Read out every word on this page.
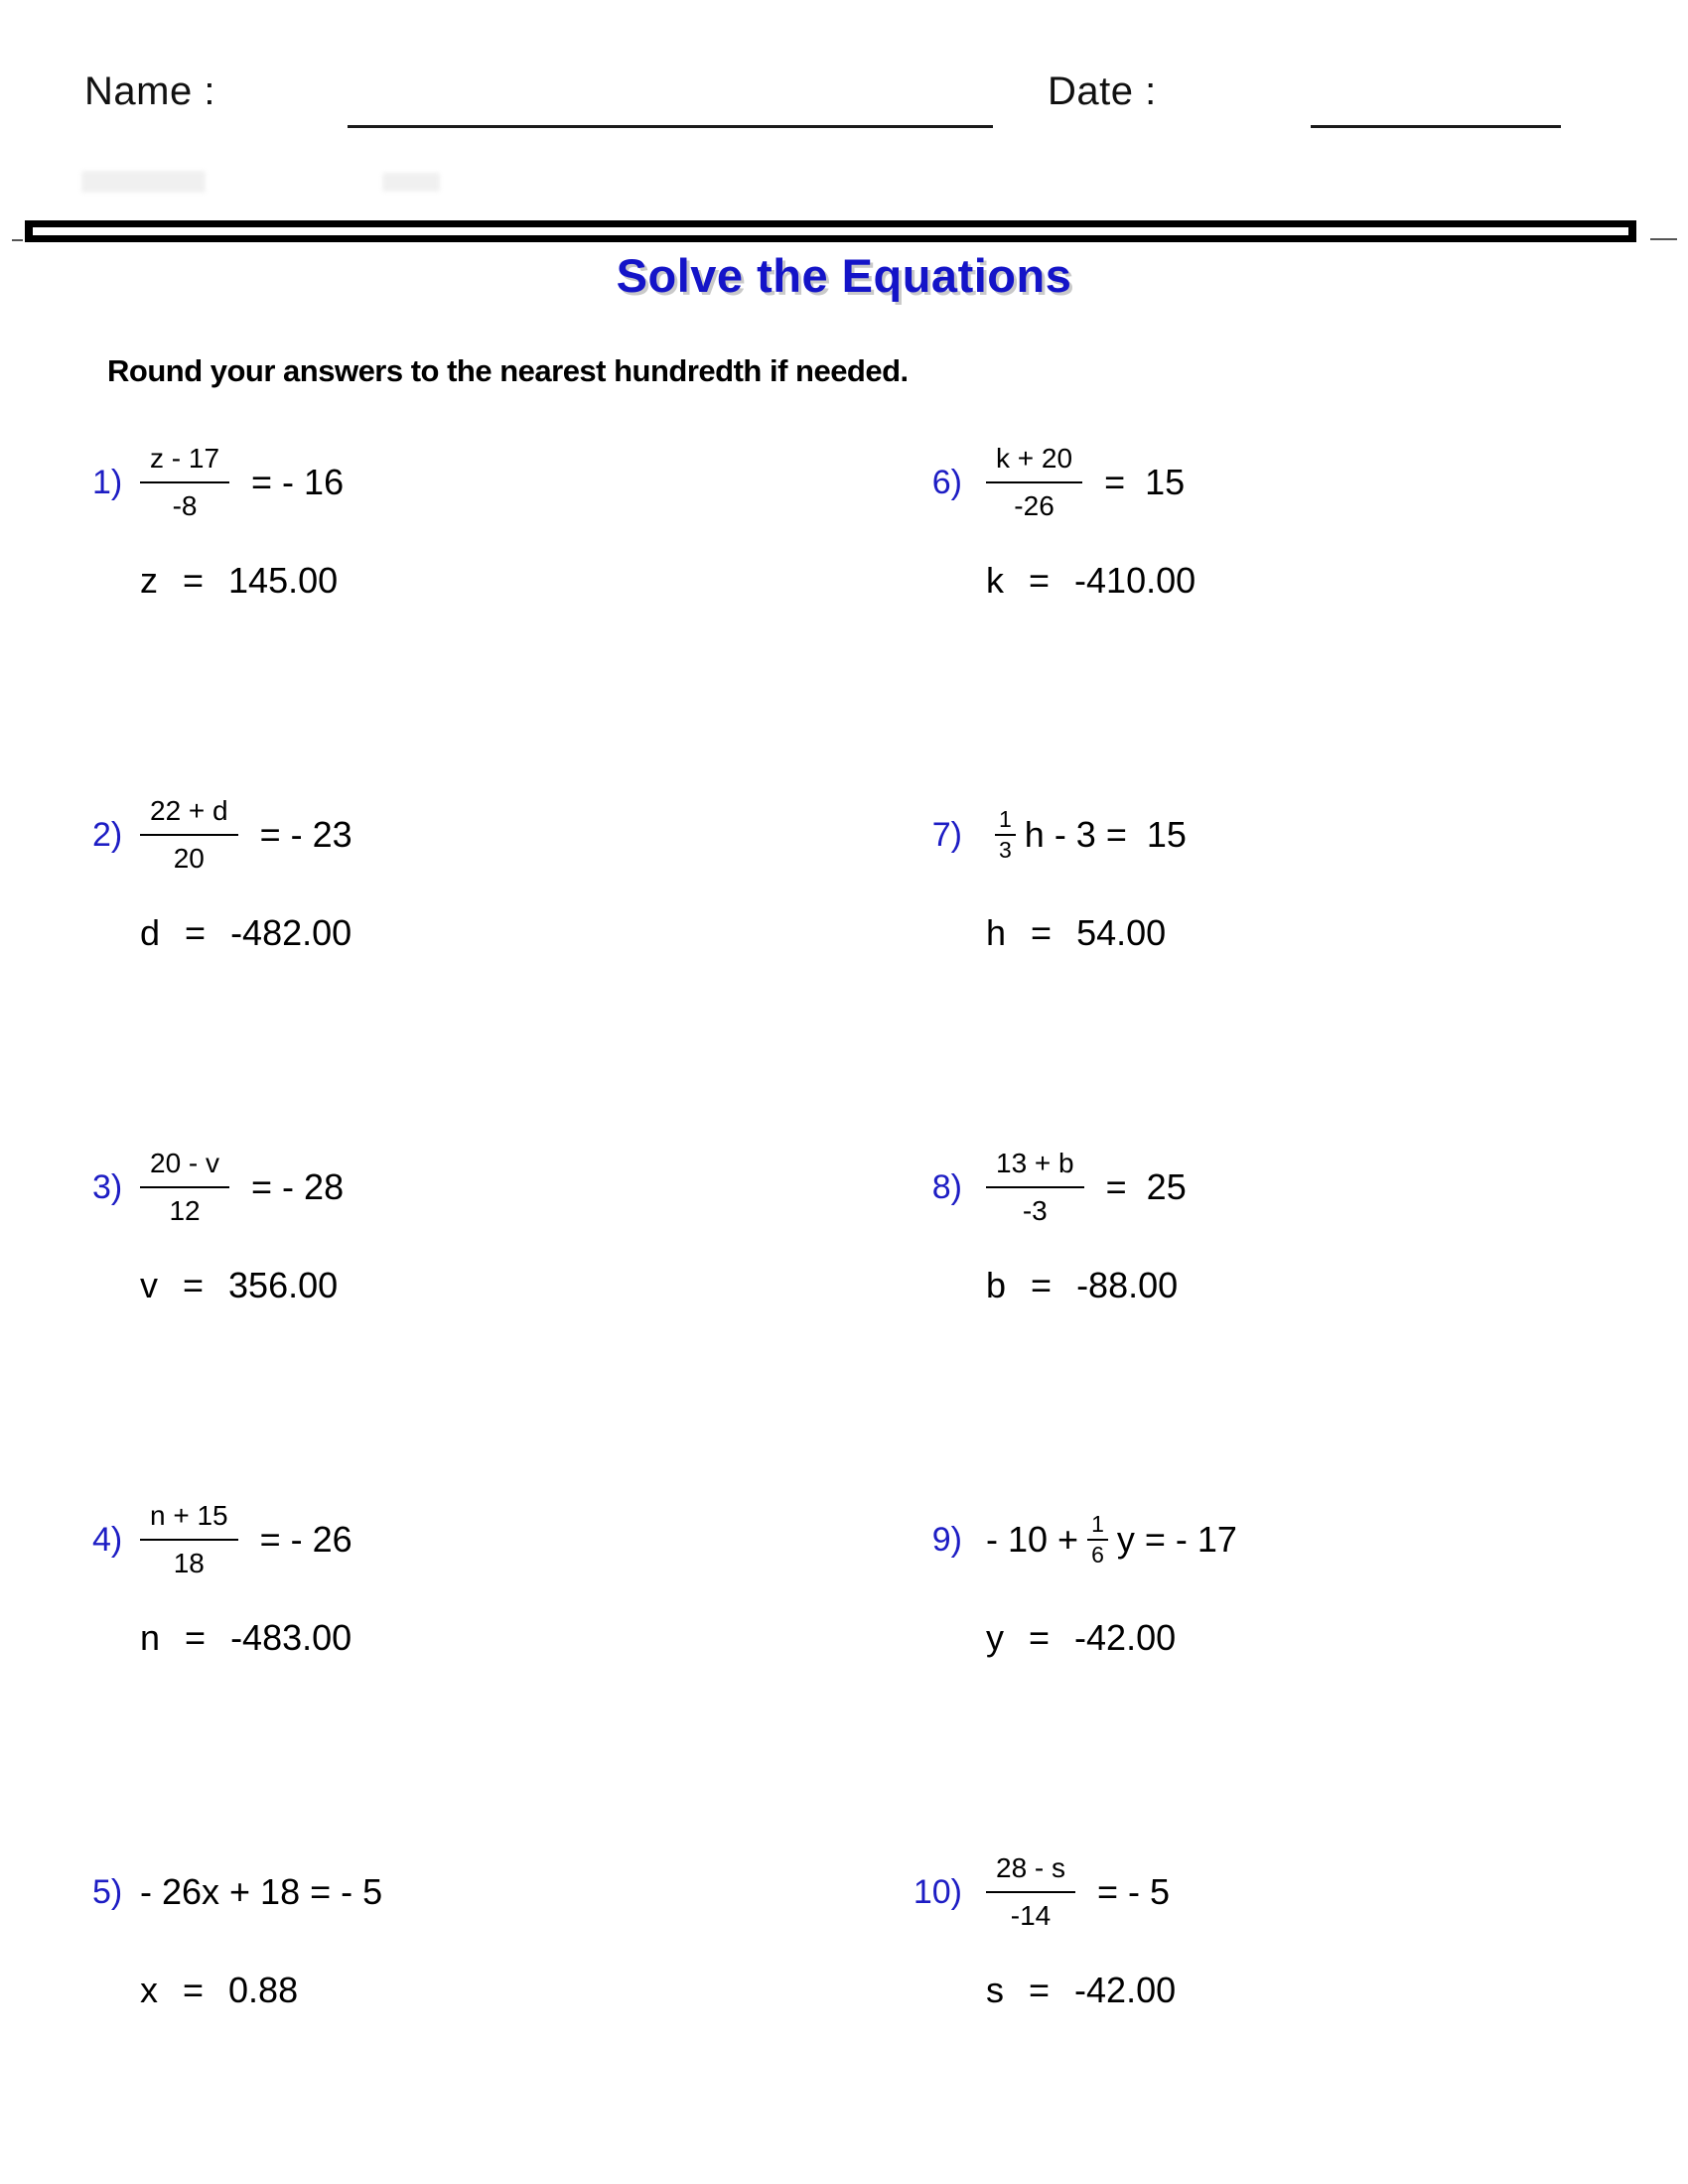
Name :	Date :
Solve the Equations
Round your answers to the nearest hundredth if needed.
$1) \frac{z - 17}{-8}$ = - 16
z = 145.00
$2) \frac{22 + d}{20}$ = - 23
d = -482.00
$3) \frac{20 - v}{12}$ = - 28
v = 356.00
$4) \frac{n + 15}{18}$ = - 26
n = -483.00
5) - 26x + 18 = - 5
x = 0.88
$6) \frac{k + 20}{-26} = 15$
k = -410.00
$7) \frac{1}{3}$ h - 3 =  15
h = 54.00
$8) \frac{13 + b}{-3} = 25$
b = -88.00
$9) - 10 + \frac{1}{6}$ y = - 17
y = -42.00
$10) \frac{28 - s}{-14}$ = - 5
s = -42.00
